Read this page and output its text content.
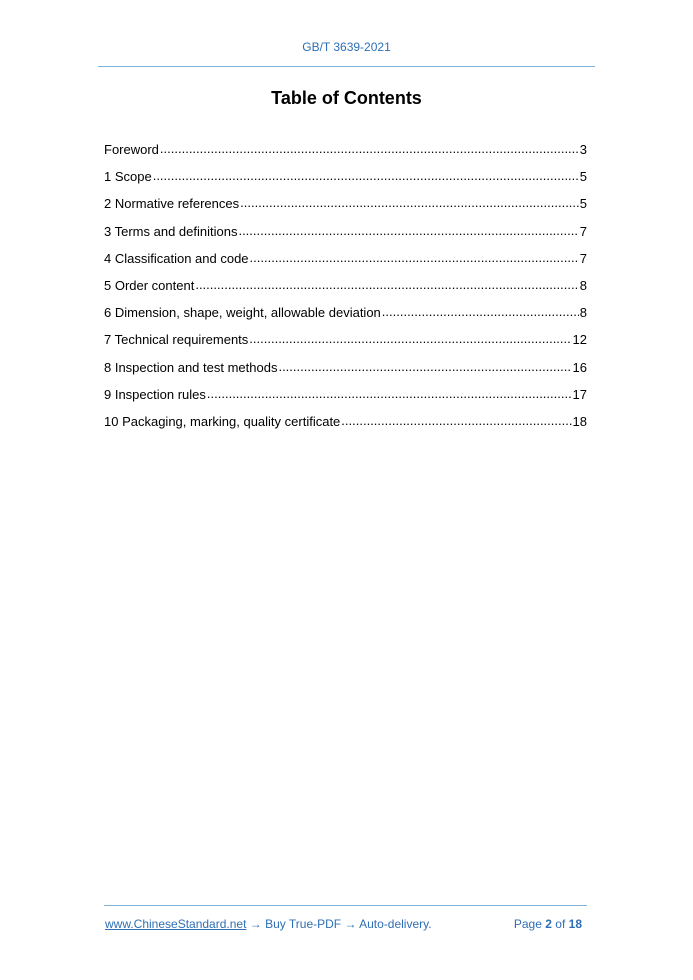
GB/T 3639-2021
Table of Contents
Foreword .....	3
1 Scope .....	5
2 Normative references .....	5
3 Terms and definitions .....	7
4 Classification and code .....	7
5 Order content .....	8
6 Dimension, shape, weight, allowable deviation .....	8
7 Technical requirements .....	12
8 Inspection and test methods .....	16
9 Inspection rules .....	17
10 Packaging, marking, quality certificate .....	18
www.ChineseStandard.net → Buy True-PDF → Auto-delivery.	Page 2 of 18
